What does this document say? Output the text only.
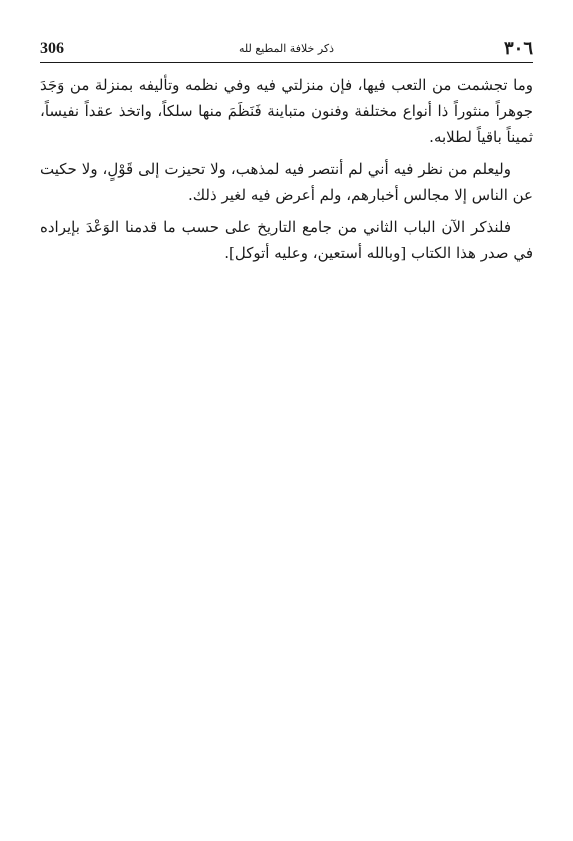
306	ذكر خلافة المطيع لله	٣٠٦

وما تجشمت من التعب فيها، فإن منزلتي فيه وفي نظمه وتأليفه بمنزلة من وَجَدَ جوهراً منثوراً ذا أنواع مختلفة وفنون متباينة فَنَظَمَ منها سلكاً، واتخذ عقداً نفيساً، ثميناً باقياً لطلابه.

وليعلم من نظر فيه أني لم أنتصر فيه لمذهب، ولا تحيزت إلى قَوْلٍ، ولا حكيت عن الناس إلا مجالس أخبارهم، ولم أعرض فيه لغير ذلك.

فلنذكر الآن الباب الثاني من جامع التاريخ على حسب ما قدمنا الوَعْدَ بإيراده في صدر هذا الكتاب [وبالله أستعين، وعليه أتوكل].
